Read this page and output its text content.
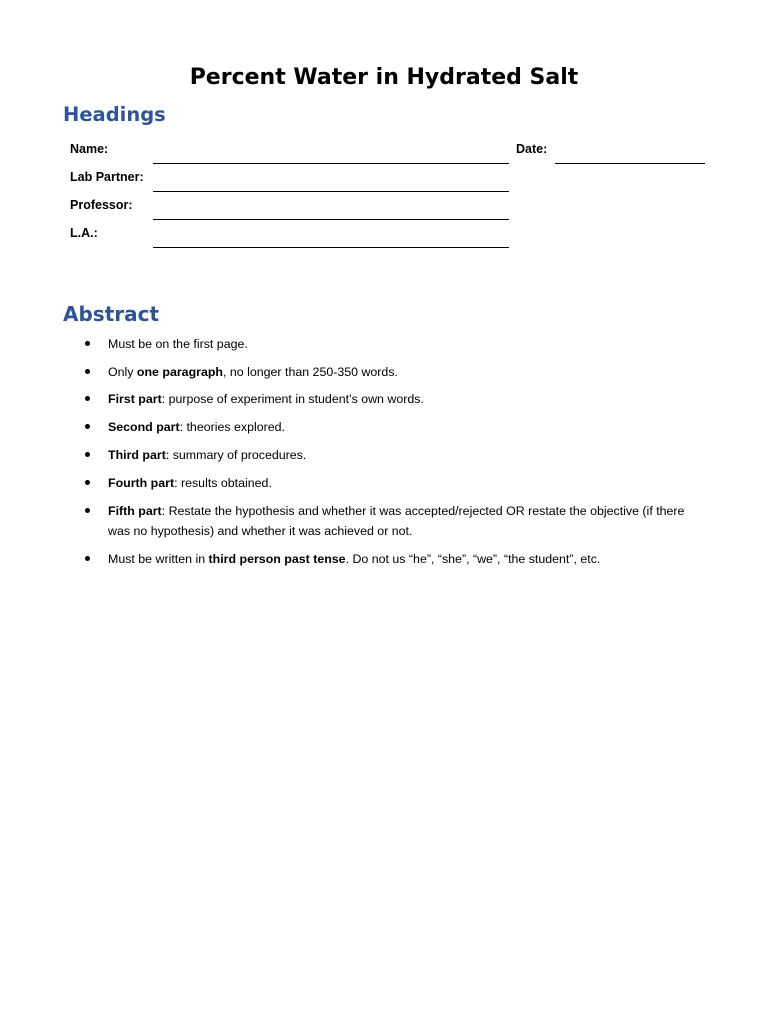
Percent Water in Hydrated Salt
Headings
Name:	Date:
Lab Partner:
Professor:
L.A.:
Abstract
Must be on the first page.
Only one paragraph, no longer than 250-350 words.
First part: purpose of experiment in student’s own words.
Second part: theories explored.
Third part: summary of procedures.
Fourth part: results obtained.
Fifth part: Restate the hypothesis and whether it was accepted/rejected OR restate the objective (if there was no hypothesis) and whether it was achieved or not.
Must be written in third person past tense. Do not us “he”, “she”, “we”, “the student”, etc.
